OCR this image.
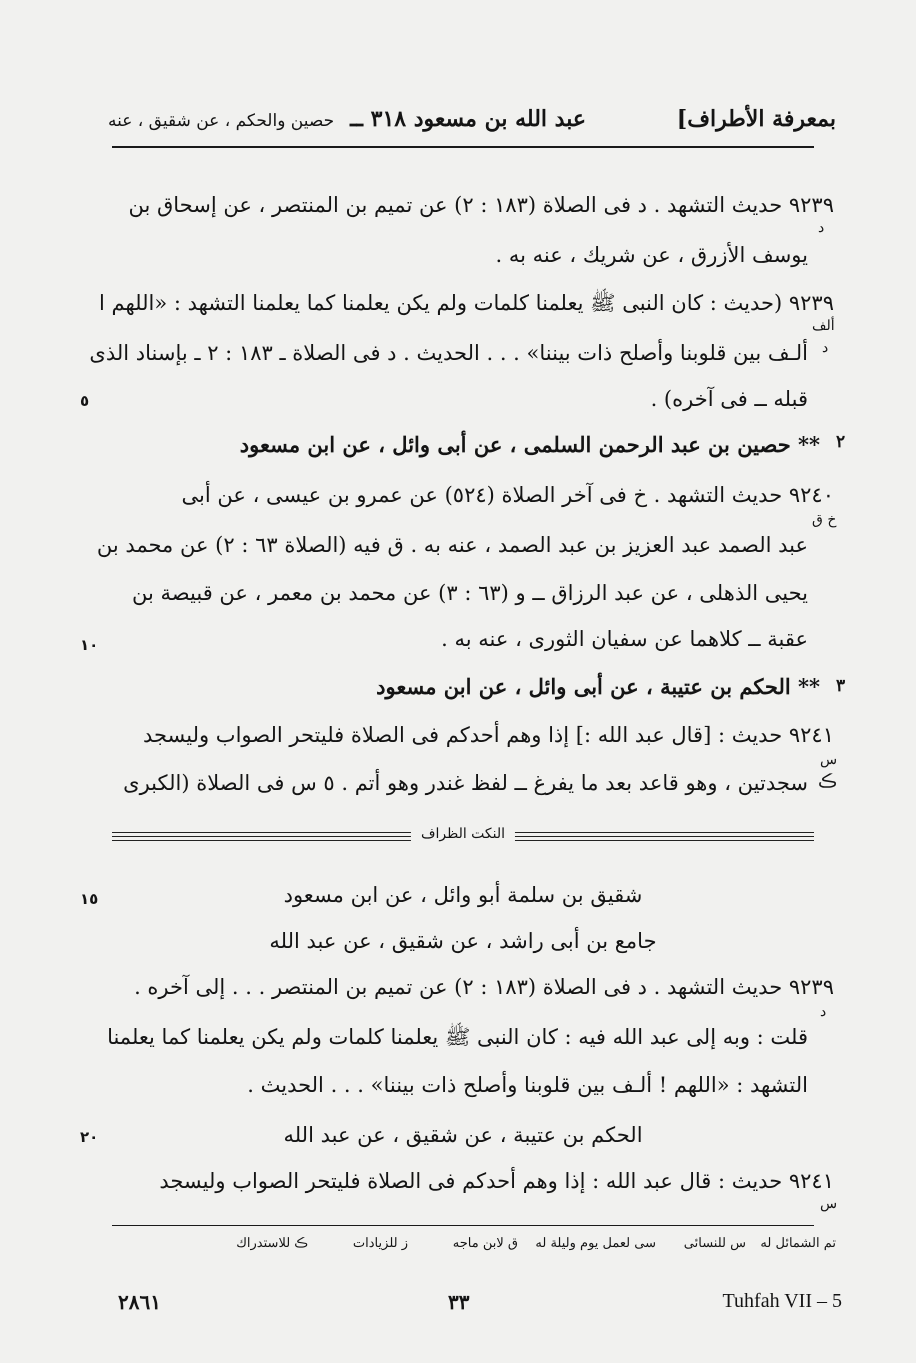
بمعرفة الأطراف]
عبد الله بن مسعود ٣١٨ ــ
حصين والحكم ، عن شقيق ، عنه
٩٢٣٩ حديث التشهد . د فى الصلاة (١٨٣ : ٢) عن تميم بن المنتصر ، عن إسحاق بن
د
يوسف الأزرق ، عن شريك ، عنه به .
٩٢٣٩ (حديث : كان النبى ﷺ يعلمنا كلمات ولم يكن يعلمنا كما يعلمنا التشهد : «اللهم ا
ألف
د
ألـف بين قلوبنا وأصلح ذات بيننا» . . . الحديث . د فى الصلاة ـ ١٨٣ : ٢ ـ بإسناد الذى
قبله ــ فى آخره) .
٥
٢
** حصين بن عبد الرحمن السلمى ، عن أبى وائل ، عن ابن مسعود
٩٢٤٠ حديث التشهد . خ فى آخر الصلاة (٥٢٤) عن عمرو بن عيسى ، عن أبى
خ ق
عبد الصمد عبد العزيز بن عبد الصمد ، عنه به . ق فيه (الصلاة ٦٣ : ٢) عن محمد بن
يحيى الذهلى ، عن عبد الرزاق ــ و (٦٣ : ٣) عن محمد بن معمر ، عن قبيصة بن
عقبة ــ كلاهما عن سفيان الثورى ، عنه به .
١٠
٣
** الحكم بن عتيبة ، عن أبى وائل ، عن ابن مسعود
٩٢٤١ حديث : [قال عبد الله :] إذا وهم أحدكم فى الصلاة فليتحر الصواب وليسجد
س
ڪ
سجدتين ، وهو قاعد بعد ما يفرغ ــ لفظ غندر وهو أتم . ٥ س فى الصلاة (الكبرى
النكت الظراف
شقيق بن سلمة أبو وائل ، عن ابن مسعود
١٥
جامع بن أبى راشد ، عن شقيق ، عن عبد الله
٩٢٣٩ حديث التشهد . د فى الصلاة (١٨٣ : ٢) عن تميم بن المنتصر . . . إلى آخره .
د
قلت : وبه إلى عبد الله فيه : كان النبى ﷺ يعلمنا كلمات ولم يكن يعلمنا كما يعلمنا
التشهد : «اللهم ! ألـف بين قلوبنا وأصلح ذات بيننا» . . . الحديث .
الحكم بن عتيبة ، عن شقيق ، عن عبد الله
٢٠
٩٢٤١ حديث : قال عبد الله : إذا وهم أحدكم فى الصلاة فليتحر الصواب وليسجد
س
تم الشمائل له
س للنسائى
سى لعمل يوم وليلة له
ق لابن ماجه
ز للزيادات
ڪ للاستدراك
Tuhfah VII – 5
٣٣
٢٨٦١
